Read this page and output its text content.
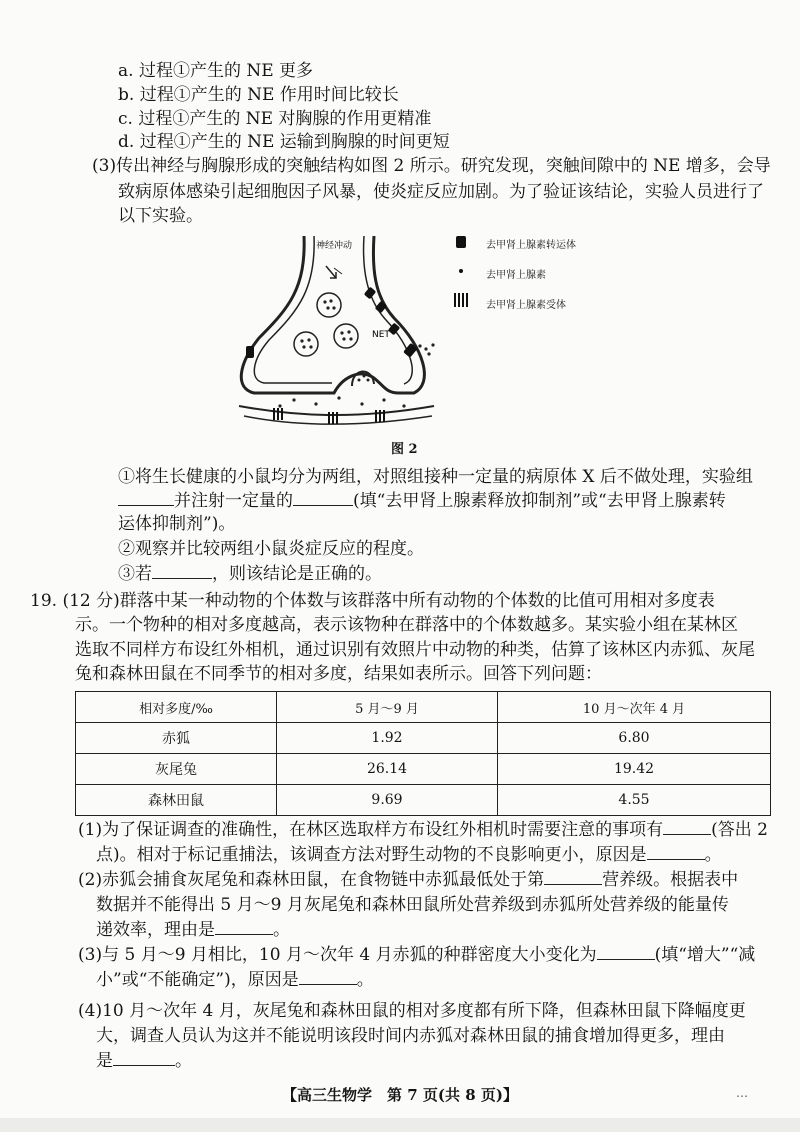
a. 过程①产生的 NE 更多
b. 过程①产生的 NE 作用时间比较长
c. 过程①产生的 NE 对胸腺的作用更精准
d. 过程①产生的 NE 运输到胸腺的时间更短
(3)传出神经与胸腺形成的突触结构如图 2 所示。研究发现，突触间隙中的 NE 增多，会导
致病原体感染引起细胞因子风暴，使炎症反应加剧。为了验证该结论，实验人员进行了
以下实验。
神经冲动
NET
去甲肾上腺素转运体
去甲肾上腺素
去甲肾上腺素受体
图 2
①将生长健康的小鼠均分为两组，对照组接种一定量的病原体 X 后不做处理，实验组
并注射一定量的	(填“去甲肾上腺素释放抑制剂”或“去甲肾上腺素转
运体抑制剂”)。
②观察并比较两组小鼠炎症反应的程度。
③若	，则该结论是正确的。
19. (12 分)群落中某一种动物的个体数与该群落中所有动物的个体数的比值可用相对多度表
示。一个物种的相对多度越高，表示该物种在群落中的个体数越多。某实验小组在某林区
选取不同样方布设红外相机，通过识别有效照片中动物的种类，估算了该林区内赤狐、灰尾
兔和森林田鼠在不同季节的相对多度，结果如表所示。回答下列问题：
相对多度/‰	5 月～9 月	10 月～次年 4 月
赤狐	1.92	6.80
灰尾兔	26.14	19.42
森林田鼠	9.69	4.55
(1)为了保证调查的准确性，在林区选取样方布设红外相机时需要注意的事项有	(答出 2
点)。相对于标记重捕法，该调查方法对野生动物的不良影响更小，原因是	。
(2)赤狐会捕食灰尾兔和森林田鼠，在食物链中赤狐最低处于第	营养级。根据表中
数据并不能得出 5 月～9 月灰尾兔和森林田鼠所处营养级到赤狐所处营养级的能量传
递效率，理由是	。
(3)与 5 月～9 月相比，10 月～次年 4 月赤狐的种群密度大小变化为	(填“增大”“减
小”或“不能确定”)，原因是	。
(4)10 月～次年 4 月，灰尾兔和森林田鼠的相对多度都有所下降，但森林田鼠下降幅度更
大，调查人员认为这并不能说明该段时间内赤狐对森林田鼠的捕食增加得更多，理由
是	。
【高三生物学　第 7 页(共 8 页)】	…
